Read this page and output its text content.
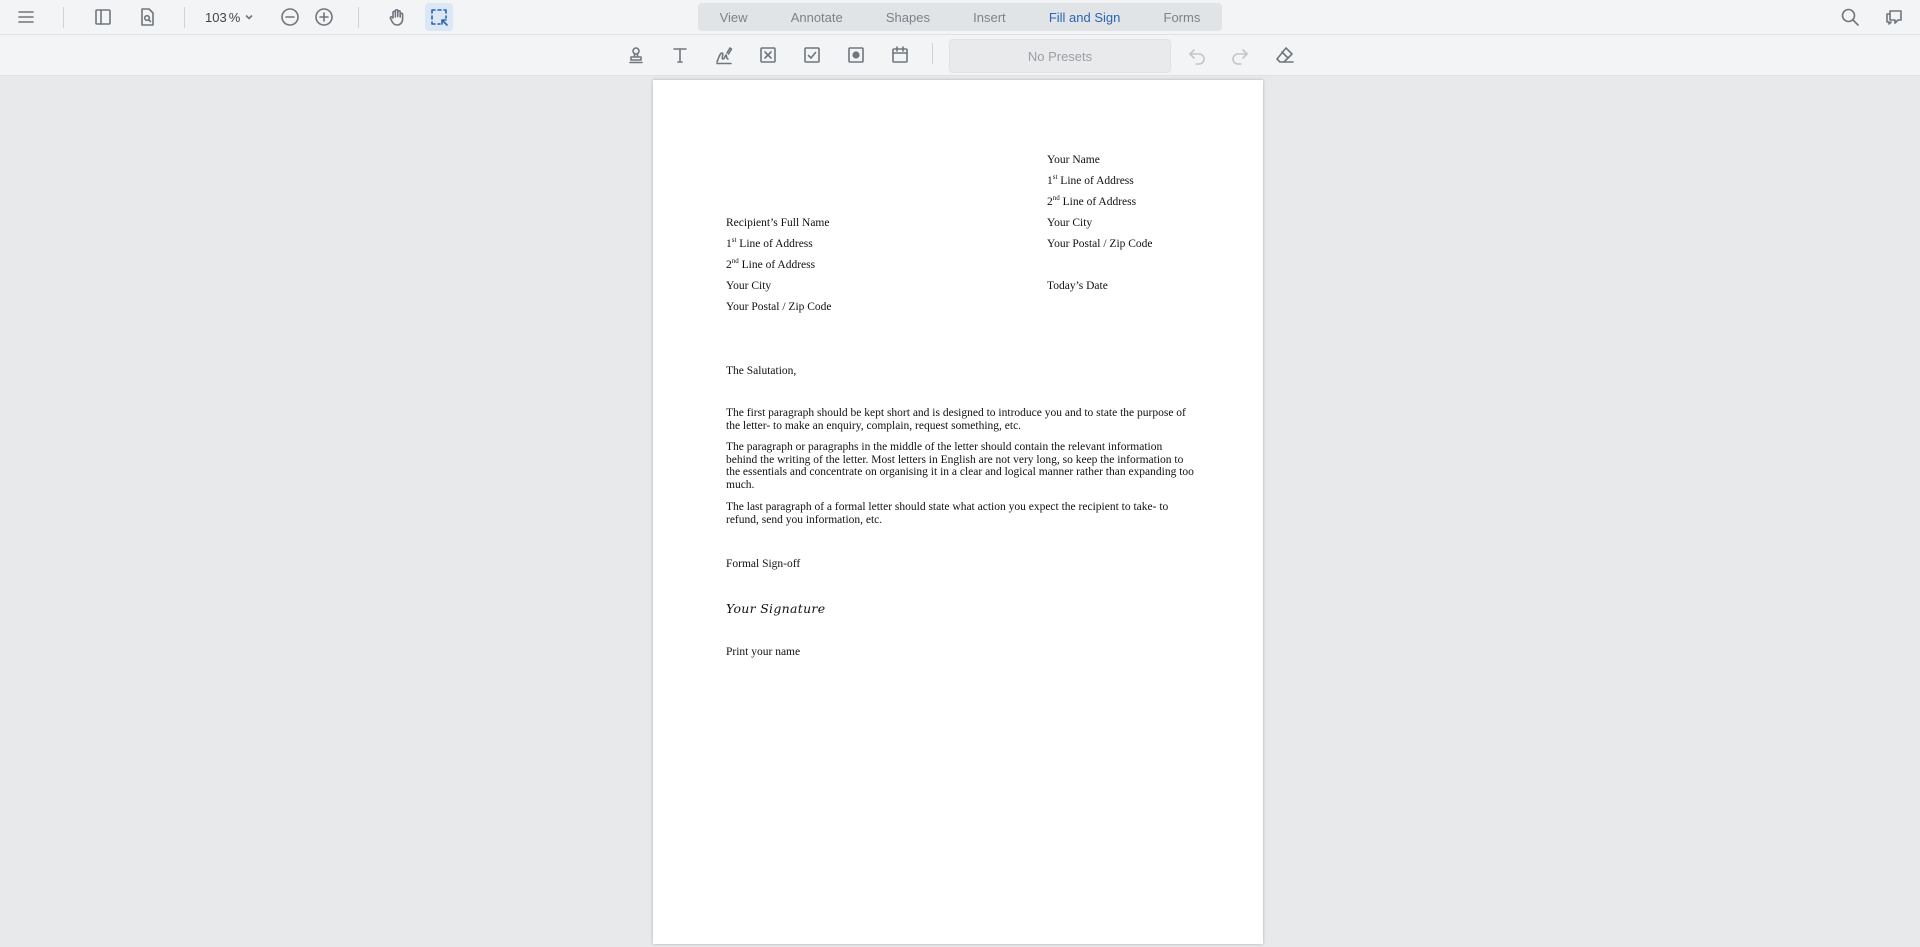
103 %	View	Annotate	Shapes	Insert	Fill and Sign	Forms
No Presets
Your Name
1st Line of Address
2nd Line of Address
Your City
Your Postal / Zip Code
Today’s Date
Recipient’s Full Name
1st Line of Address
2nd Line of Address
Your City
Your Postal / Zip Code
The Salutation,
The first paragraph should be kept short and is designed to introduce you and to state the purpose of the letter- to make an enquiry, complain, request something, etc.
The paragraph or paragraphs in the middle of the letter should contain the relevant information behind the writing of the letter. Most letters in English are not very long, so keep the information to the essentials and concentrate on organising it in a clear and logical manner rather than expanding too much.
The last paragraph of a formal letter should state what action you expect the recipient to take- to refund, send you information, etc.
Formal Sign-off
Your Signature
Print your name
